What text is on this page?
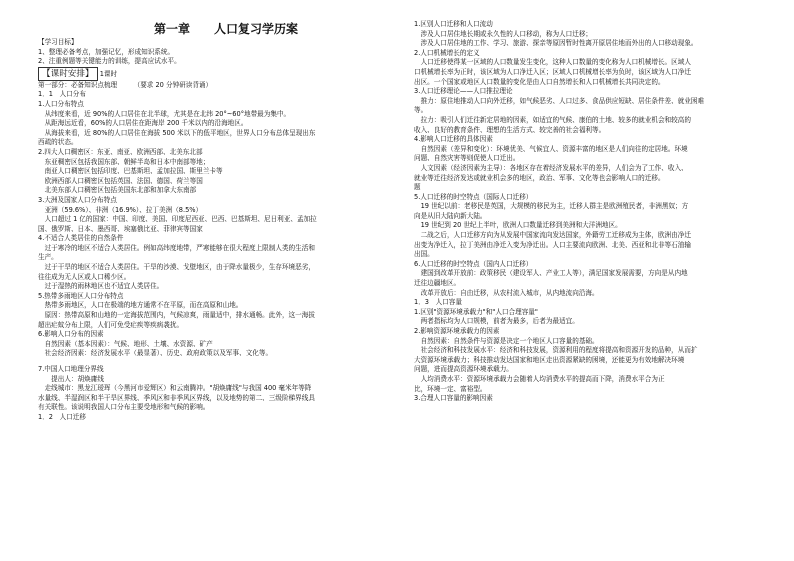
第一章　　人口复习学历案
【学习目标】
1、整理必备考点，加强记忆，形成知识系统。
2、注重例题等关键能力的训练，提高应试水平。
【课时安排】 1课时
第一部分：必备知识点梳理　　　（要求 20 分钟研读背诵）
1．1　人口分布
1.人口分布特点
　从纬度来看，近 90%的人口居住在北半球，尤其是在北纬 20°~60°地带最为集中。
　从距海远近看，60%的人口居住在距海岸 200 千米以内的沿海地区。
　从海拔来看，近 80%的人口居住在海拔 500 米以下的低平地区，世界人口分布总体呈现出东
西疏的状态。
2.四大人口稠密区：东亚、南亚、欧洲西部、北美东北部
　东亚稠密区包括我国东部、朝鲜半岛和日本中南部等地；
　南亚人口稠密区包括印度、巴基斯坦、孟加拉国、斯里兰卡等
　欧洲西部人口稠密区包括英国、法国、德国、荷兰等国
　北美东部人口稠密区包括美国东北部和加拿大东南部
3.大洲及国家人口分布特点
　亚洲（59.6%）、非洲（16.9%）、拉丁美洲（8.5%）
　人口超过 1 亿的国家：中国、印度、美国、印度尼西亚、巴西、巴基斯坦、尼日利亚、孟加拉
国、俄罗斯、日本、墨西哥、埃塞俄比亚、菲律宾等国家
4.不适合人类居住的自然条件
　过于寒冷的地区不适合人类居住。例如高纬度地带，严寒能够在很大程度上限制人类的生活和
生产。
　过于干旱的地区不适合人类居住。干旱的沙漠、戈壁地区，由于降水量极少，生存环境恶劣，
往往成为无人区或人口稀少区。
　过于湿热的雨林地区也不适宜人类居住。
5.热带多雨地区人口分布特点
　热带多雨地区，人口在极端的地方通常不在平原，而在高原和山地。
　原因：热带高原和山地的一定海拔范围内，气候凉爽，雨量适中，排水通畅。此外，这一海拔
超出疟蚊分布上限，人们可免受疟疾等疾病袭扰。
6.影响人口分布的因素
　自然因素（基本因素）：气候、地形、土壤、水资源、矿产
　社会经济因素：经济发展水平（最显著）、历史、政府政策以及军事、文化等。
7.中国人口地理分界线
　　提出人：胡焕庸线
　走线城市：黑龙江瑷珲（今黑河市爱辉区）和云南腾冲。"胡焕庸线"与我国 400 毫米年等降
水量线、半湿润区和半干旱区界线、季风区和非季风区界线，以及地势的第二、三级阶梯界线具
有关联性。该说明我国人口分布主要受地形和气候的影响。
1．2　人口迁移
1.区别人口迁移和人口流动
　涉及人口居住地长期或永久性的人口移动，称为人口迁移；
　涉及人口居住地的工作、学习、旅游、探亲等原因暂时性离开原居住地而外出的人口移动现象。
2.人口机械增长的定义
　人口迁移使得某一区域的人口数量发生变化，这种人口数量的变化称为人口机械增长。区域人
口机械增长率为正时，该区域为人口净迁入区；区域人口机械增长率为负时，该区域为人口净迁
出区。一个国家或地区人口数量的变化是由人口自然增长和人口机械增长共同决定的。
3.人口迁移理论——人口推拉理论
　推力：原住地推动人口向外迁移，如气候恶劣、人口过多、食品供应短缺、居住条件差、就业困难
等。
　拉力：吸引人们迁往新定居地的因素，如适宜的气候、康伯的土地、较多的就业机会和较高的
收入、良好的教育条件、理想的生活方式、较完善的社会福利等。
4.影响人口迁移的具体因素
　自然因素（差异和变化）：环境优美、气候宜人、资源丰富的地区是人们向往的定居地。环境
问题、自然灾害等则促使人口迁出。
　人文因素（经济因素为主导）：各地区存在着经济发展水平的差异，人们会为了工作、收入、
就业等迁往经济发达或就业机会多的地区，政治、军事、文化等也会影响人口的迁移。
题
5.人口迁移的时空特点（国际人口迁移）
　19 世纪以前：老移民是英国，大规模的移民为主，迁移人群主是欧洲殖民者，非洲黑奴；方
向是从旧大陆向新大陆。
　19 世纪到 20 世纪上半叶，欧洲人口数量迁移到美洲和大洋洲地区。
　二战之后，人口迁移方向为从发展中国家流向发达国家，外籍劳工迁移成为主体，欧洲由净迁
出变为净迁入，拉丁美洲由净迁入变为净迁出。人口主要流向欧洲、北美、西亚和北非等石油输
出国。
6.人口迁移的时空特点（国内人口迁移）
　建国到改革开放前：政策移民（建设军人、产业工人等），满足国家发展需要，方向是从内地
迁往边疆地区。
　改革开放后：自由迁移，从农村流入城市，从内地流向沿海。
1．3　人口容量
1.区别"资源环境承载力"和"人口合理容量"
　两者指标均为人口规模，前者为最多，后者为最适宜。
2.影响资源环境承载力的因素
　自然因素：自然条件与资源是决定一个地区人口容量的基础。
　社会经济和科技发展水平：经济和科技发展，资源利用的程度将提高和资源开发的品种，从而扩
大资源环境承载力；科技推动发达国家和地区走出资源紧缺的困境，还能更为有效地解决环境
问题，进而提高资源环境承载力。
　人均消费水平：资源环境承载力会随着人均消费水平的提高而下降，消费水平合为正
比，环境一定、富裕型。
3.合理人口容量的影响因素
